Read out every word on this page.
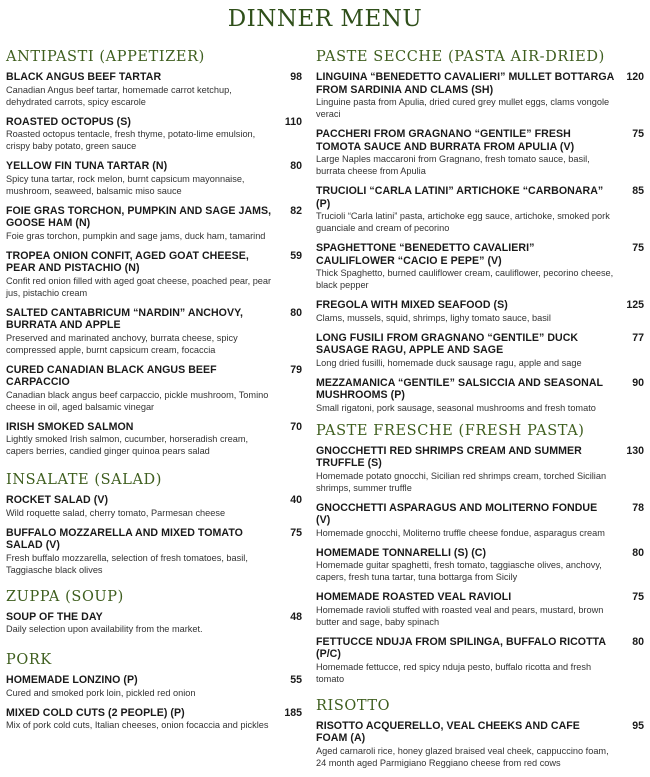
DINNER MENU
ANTIPASTI (APPETIZER)
BLACK ANGUS BEEF TARTAR
Canadian Angus beef tartar, homemade carrot ketchup, dehydrated carrots, spicy escarole
98
ROASTED OCTOPUS (S)
Roasted octopus tentacle, fresh thyme, potato-lime emulsion, crispy baby potato, green sauce
110
YELLOW FIN TUNA TARTAR (N)
Spicy tuna tartar, rock melon, burnt capsicum mayonnaise, mushroom, seaweed, balsamic miso sauce
80
FOIE GRAS TORCHON, PUMPKIN AND SAGE JAMS, GOOSE HAM (N)
Foie gras torchon, pumpkin and sage jams, duck ham, tamarind
82
TROPEA ONION CONFIT, AGED GOAT CHEESE, PEAR AND PISTACHIO (N)
Confit red onion filled with aged goat cheese, poached pear, pear jus, pistachio cream
59
SALTED CANTABRICUM “NARDIN” ANCHOVY, BURRATA AND APPLE
Preserved and marinated anchovy, burrata cheese, spicy compressed apple, burnt capsicum cream, focaccia
80
CURED CANADIAN BLACK ANGUS BEEF CARPACCIO
Canadian black angus beef carpaccio, pickle mushroom, Tomino cheese in oil, aged balsamic vinegar
79
IRISH SMOKED SALMON
Lightly smoked Irish salmon, cucumber, horseradish cream, capers berries, candied ginger quinoa pears salad
70
INSALATE (SALAD)
ROCKET SALAD (V)
Wild roquette salad, cherry tomato, Parmesan cheese
40
BUFFALO MOZZARELLA AND MIXED TOMATO SALAD (V)
Fresh buffalo mozzarella, selection of fresh tomatoes, basil, Taggiasche black olives
75
ZUPPA (SOUP)
SOUP OF THE DAY
Daily selection upon availability from the market.
48
PORK
HOMEMADE LONZINO (P)
Cured and smoked pork loin, pickled red onion
55
MIXED COLD CUTS (2 PEOPLE) (P)
Mix of pork cold cuts, Italian cheeses, onion focaccia and pickles
185
PASTE SECCHE (PASTA AIR-DRIED)
LINGUINA “BENEDETTO CAVALIERI” MULLET BOTTARGA FROM SARDINIA AND CLAMS (SH)
Linguine pasta from Apulia, dried cured grey mullet eggs, clams vongole veraci
120
PACCHERI FROM GRAGNANO “GENTILE” FRESH TOMOTA SAUCE AND BURRATA FROM APULIA (V)
Large Naples maccaroni from Gragnano, fresh tomato sauce, basil, burrata cheese from Apulia
75
TRUCIOLI “CARLA LATINI” ARTICHOKE “CARBONARA” (P)
Trucioli “Carla latini” pasta, artichoke egg sauce, artichoke, smoked pork guanciale and cream of pecorino
85
SPAGHETTONE “BENEDETTO CAVALIERI” CAULIFLOWER “CACIO E PEPE” (V)
Thick Spaghetto, burned cauliflower cream, cauliflower, pecorino cheese, black pepper
75
FREGOLA WITH MIXED SEAFOOD (S)
Clams, mussels, squid, shrimps, lighy tomato sauce, basil
125
LONG FUSILI FROM GRAGNANO “GENTILE” DUCK SAUSAGE RAGU, APPLE AND SAGE
Long dried fusilli, homemade duck sausage ragu, apple and sage
77
MEZZAMANICA “GENTILE” SALSICCIA AND SEASONAL MUSHROOMS (P)
Small rigatoni, pork sausage, seasonal mushrooms and fresh tomato
90
PASTE FRESCHE (FRESH PASTA)
GNOCCHETTI RED SHRIMPS CREAM AND SUMMER TRUFFLE (S)
Homemade potato gnocchi, Sicilian red shrimps cream, torched Sicilian shrimps, summer truffle
130
GNOCCHETTI ASPARAGUS AND MOLITERNO FONDUE (V)
Homemade gnocchi, Moliterno truffle cheese fondue, asparagus cream
78
HOMEMADE TONNARELLI (S) (C)
Homemade guitar spaghetti, fresh tomato, taggiasche olives, anchovy, capers, fresh tuna tartar, tuna bottarga from Sicily
80
HOMEMADE ROASTED VEAL RAVIOLI
Homemade ravioli stuffed with roasted veal and pears, mustard, brown butter and sage, baby spinach
75
FETTUCCE NDUJA FROM SPILINGA, BUFFALO RICOTTA (P/C)
Homemade fettucce, red spicy nduja pesto, buffalo ricotta and fresh tomato
80
RISOTTO
RISOTTO ACQUERELLO, VEAL CHEEKS AND CAFE FOAM (A)
Aged carnaroli rice, honey glazed braised veal cheek, cappuccino foam, 24 month aged Parmigiano Reggiano cheese from red cows
95
